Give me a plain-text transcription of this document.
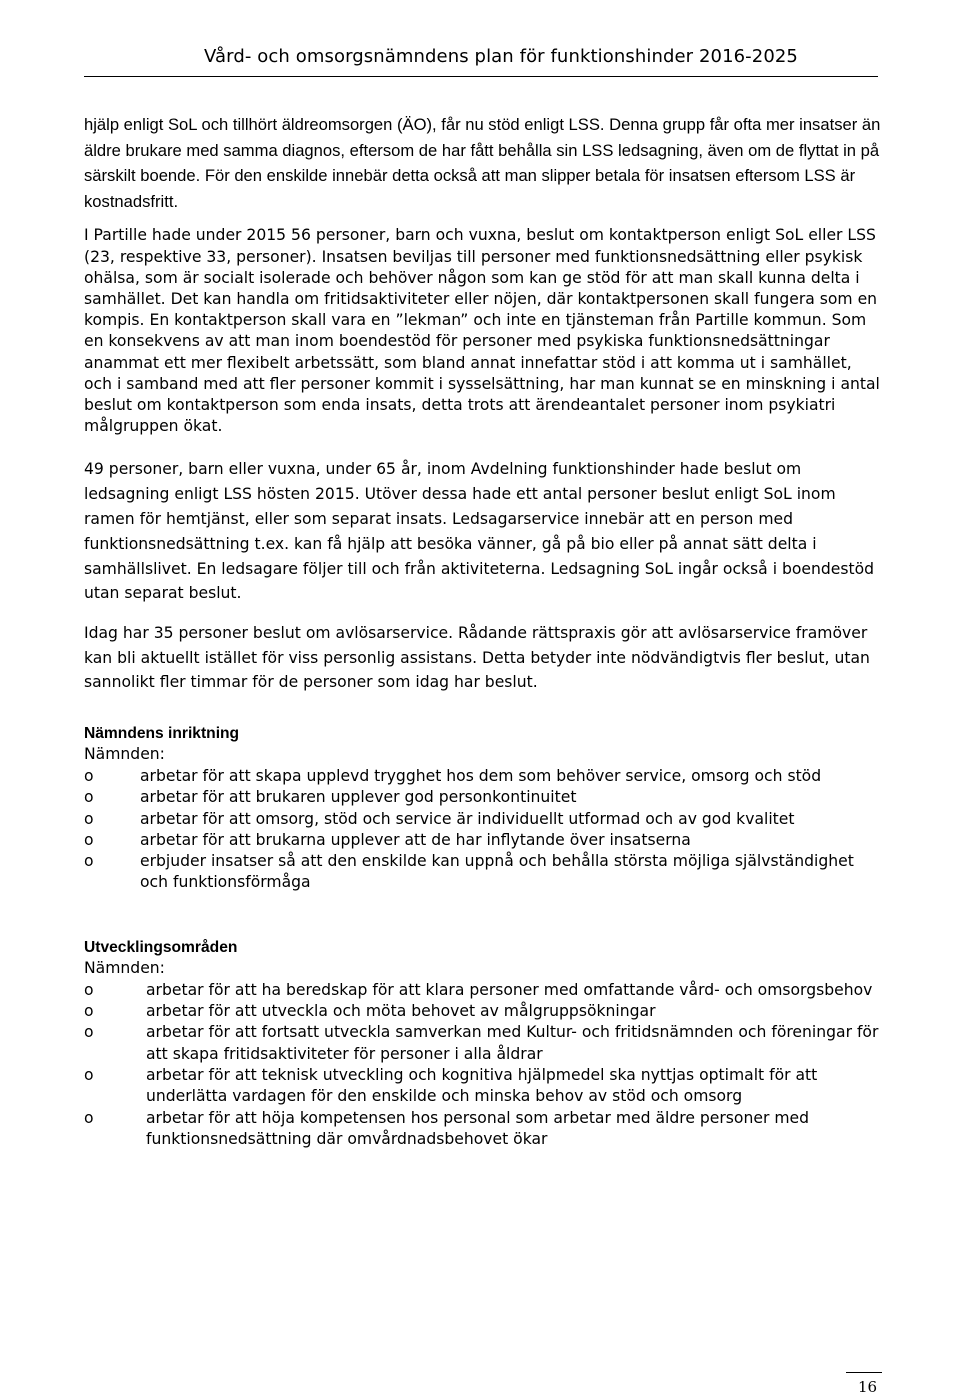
Vård- och omsorgsnämndens plan för funktionshinder 2016-2025

hjälp enligt SoL och tillhört äldreomsorgen (ÄO), får nu stöd enligt LSS. Denna grupp får ofta mer insatser än äldre brukare med samma diagnos, eftersom de har fått behålla sin LSS ledsagning, även om de flyttat in på särskilt boende. För den enskilde innebär detta också att man slipper betala för insatsen eftersom LSS är kostnadsfritt.

I Partille hade under 2015 56 personer, barn och vuxna, beslut om kontaktperson enligt SoL eller LSS (23, respektive 33, personer). Insatsen beviljas till personer med funktionsnedsättning eller psykisk ohälsa, som är socialt isolerade och behöver någon som kan ge stöd för att man skall kunna delta i samhället. Det kan handla om fritidsaktiviteter eller nöjen, där kontaktpersonen skall fungera som en kompis. En kontaktperson skall vara en ”lekman” och inte en tjänsteman från Partille kommun. Som en konsekvens av att man inom boendestöd för personer med psykiska funktionsnedsättningar anammat ett mer flexibelt arbetssätt, som bland annat innefattar stöd i att komma ut i samhället, och i samband med att fler personer kommit i sysselsättning, har man kunnat se en minskning i antal beslut om kontaktperson som enda insats, detta trots att ärendeantalet personer inom psykiatri målgruppen ökat.

49 personer, barn eller vuxna, under 65 år, inom Avdelning funktionshinder hade beslut om ledsagning enligt LSS hösten 2015. Utöver dessa hade ett antal personer beslut enligt SoL inom ramen för hemtjänst, eller som separat insats. Ledsagarservice innebär att en person med funktionsnedsättning t.ex. kan få hjälp att besöka vänner, gå på bio eller på annat sätt delta i samhällslivet. En ledsagare följer till och från aktiviteterna. Ledsagning SoL ingår också i boendestöd utan separat beslut.

Idag har 35 personer beslut om avlösarservice. Rådande rättspraxis gör att avlösarservice framöver kan bli aktuellt istället för viss personlig assistans. Detta betyder inte nödvändigtvis fler beslut, utan sannolikt fler timmar för de personer som idag har beslut.

Nämndens inriktning
Nämnden:
o	arbetar för att skapa upplevd trygghet hos dem som behöver service, omsorg och stöd
o	arbetar för att brukaren upplever god personkontinuitet
o	arbetar för att omsorg, stöd och service är individuellt utformad och av god kvalitet
o	arbetar för att brukarna upplever att de har inflytande över insatserna
o	erbjuder insatser så att den enskilde kan uppnå och behålla största möjliga självständighet och funktionsförmåga
Utvecklingsområden
Nämnden:
o	arbetar för att ha beredskap för att klara personer med omfattande vård- och omsorgsbehov
o	arbetar för att utveckla och möta behovet av målgruppsökningar
o	arbetar för att fortsatt utveckla samverkan med Kultur- och fritidsnämnden och föreningar för att skapa fritidsaktiviteter för personer i alla åldrar
o	arbetar för att teknisk utveckling och kognitiva hjälpmedel ska nyttjas optimalt för att underlätta vardagen för den enskilde och minska behov av stöd och omsorg
o	arbetar för att höja kompetensen hos personal som arbetar med äldre personer med funktionsnedsättning där omvårdnadsbehovet ökar
16
